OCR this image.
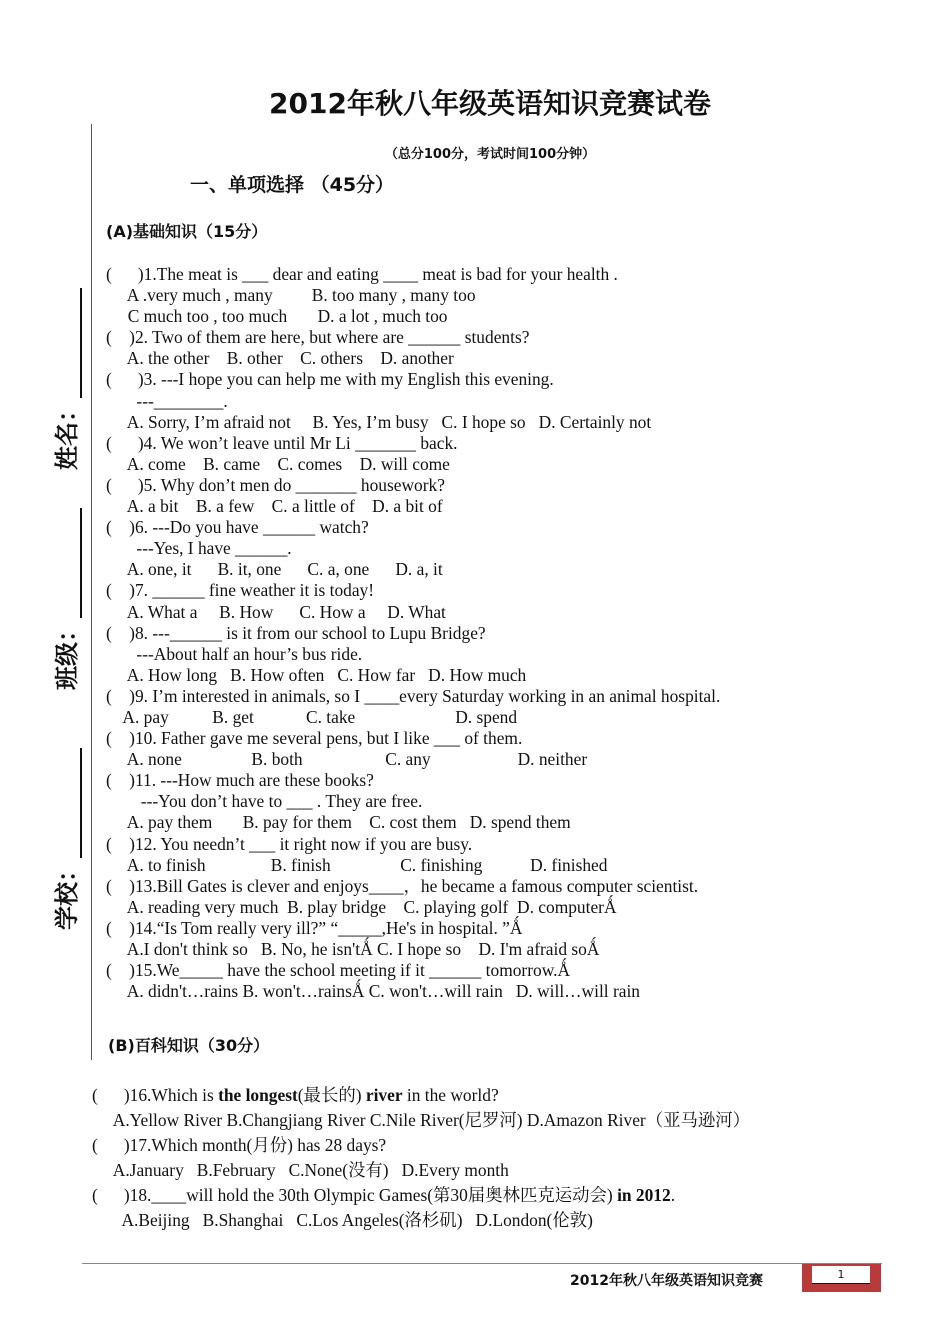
2012年秋八年级英语知识竞赛试卷
（总分100分，考试时间100分钟）
一、单项选择 （45分）
(A)基础知识（15分）
姓名：
班级：
学校：
(      )1.The meat is ___ dear and eating ____ meat is bad for your health .
A .very much , many         B. too many , many too
C much too , too much       D. a lot , much too
(    )2. Two of them are here, but where are ______ students?
A. the other    B. other    C. others    D. another
(      )3. ---I hope you can help me with my English this evening.
---________.
A. Sorry, I’m afraid not     B. Yes, I’m busy   C. I hope so   D. Certainly not
(      )4. We won’t leave until Mr Li _______ back.
A. come    B. came    C. comes    D. will come
(      )5. Why don’t men do _______ housework?
A. a bit    B. a few    C. a little of    D. a bit of
(    )6. ---Do you have ______ watch?
---Yes, I have ______.
A. one, it      B. it, one      C. a, one      D. a, it
(    )7. ______ fine weather it is today!
A. What a     B. How      C. How a     D. What
(    )8. ---______ is it from our school to Lupu Bridge?
---About half an hour’s bus ride.
A. How long   B. How often   C. How far   D. How much
(    )9. I’m interested in animals, so I ____every Saturday working in an animal hospital.
A. pay          B. get            C. take                       D. spend
(    )10. Father gave me several pens, but I like ___ of them.
A. none                B. both                   C. any                    D. neither
(    )11. ---How much are these books?
---You don’t have to ___ . They are free.
A. pay them       B. pay for them    C. cost them   D. spend them
(    )12. You needn’t ___ it right now if you are busy.
A. to finish               B. finish                C. finishing           D. finished
(    )13.Bill Gates is clever and enjoys____，he became a famous computer scientist.
A. reading very much  B. play bridge    C. playing golf  D. computerǺ
(    )14.“Is Tom really very ill?” “_____,He's in hospital. ”Ǻ
A.I don't think so   B. No, he isn'tǺ C. I hope so    D. I'm afraid soǺ
(    )15.We_____ have the school meeting if it ______ tomorrow.Ǻ
A. didn't…rains B. won't…rainsǺ C. won't…will rain   D. will…will rain
(B)百科知识（30分）
(      )16.Which is the longest(最长的) river in the world?
A.Yellow River B.Changjiang River C.Nile River(尼罗河) D.Amazon River（亚马逊河）
(      )17.Which month(月份) has 28 days?
A.January   B.February   C.None(没有)   D.Every month
(      )18.____will hold the 30th Olympic Games(第30届奥林匹克运动会) in 2012.
A.Beijing   B.Shanghai   C.Los Angeles(洛杉矶)   D.London(伦敦)
2012年秋八年级英语知识竞赛	1
